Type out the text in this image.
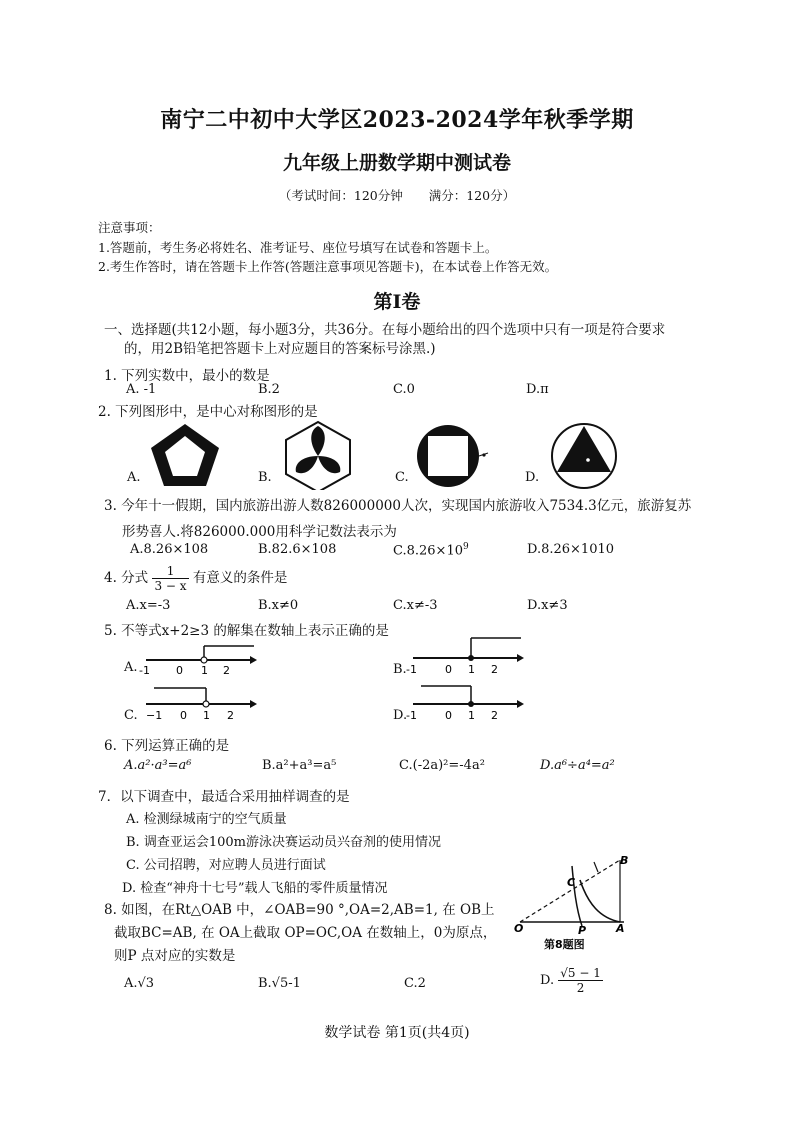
南宁二中初中大学区2023-2024学年秋季学期
九年级上册数学期中测试卷
（考试时间：120分钟 满分：120分）
注意事项：
1.答题前，考生务必将姓名、准考证号、座位号填写在试卷和答题卡上。
2.考生作答时，请在答题卡上作答(答题注意事项见答题卡)，在本试卷上作答无效。
第Ⅰ卷
一、选择题(共12小题，每小题3分，共36分。在每小题给出的四个选项中只有一项是符合要求
的，用2B铅笔把答题卡上对应题目的答案标号涂黑.)
1. 下列实数中，最小的数是
A. -1	B.2	C.0	D.π
2. 下列图形中，是中心对称图形的是
A.	B.	C.	D.
3. 今年十一假期，国内旅游出游人数826000000人次，实现国内旅游收入7534.3亿元，旅游复苏
形势喜人.将826000.000用科学记数法表示为
A.8.26×108	B.82.6×108	$C.8.26\times 10^9$	D.8.26×1010
4. 分式 $\frac{1}{3 - x}$ 有意义的条件是
A.x=-3	B.x≠0	C.x≠-3	D.x≠3
5. 不等式x+2≥3 的解集在数轴上表示正确的是
A.	0 1 2
-1	B.	0 1 2
-1
C.	0 1 2
−1	D.	0 1 2
-1
6. 下列运算正确的是
A.a²·a³=a⁶	B.a²+a³=a⁵	C.(-2a)²=-4a²	D.a⁶÷a⁴=a²
7．以下调查中，最适合采用抽样调查的是
A. 检测绿城南宁的空气质量
B. 调查亚运会100m游泳决赛运动员兴奋剂的使用情况
C. 公司招聘，对应聘人员进行面试
D. 检查“神舟十七号”载人飞船的零件质量情况
8. 如图，在Rt△OAB 中，∠OAB=90 °,OA=2,AB=1, 在 OB上
截取BC=AB, 在 OA上截取 OP=OC,OA 在数轴上，0为原点，
则P 点对应的实数是
O	A
B
C
P
第8题图
A.√3	B.√5-1	C.2	D. $\frac{√5 - 1}{2}$
数学试卷 第1页(共4页)
